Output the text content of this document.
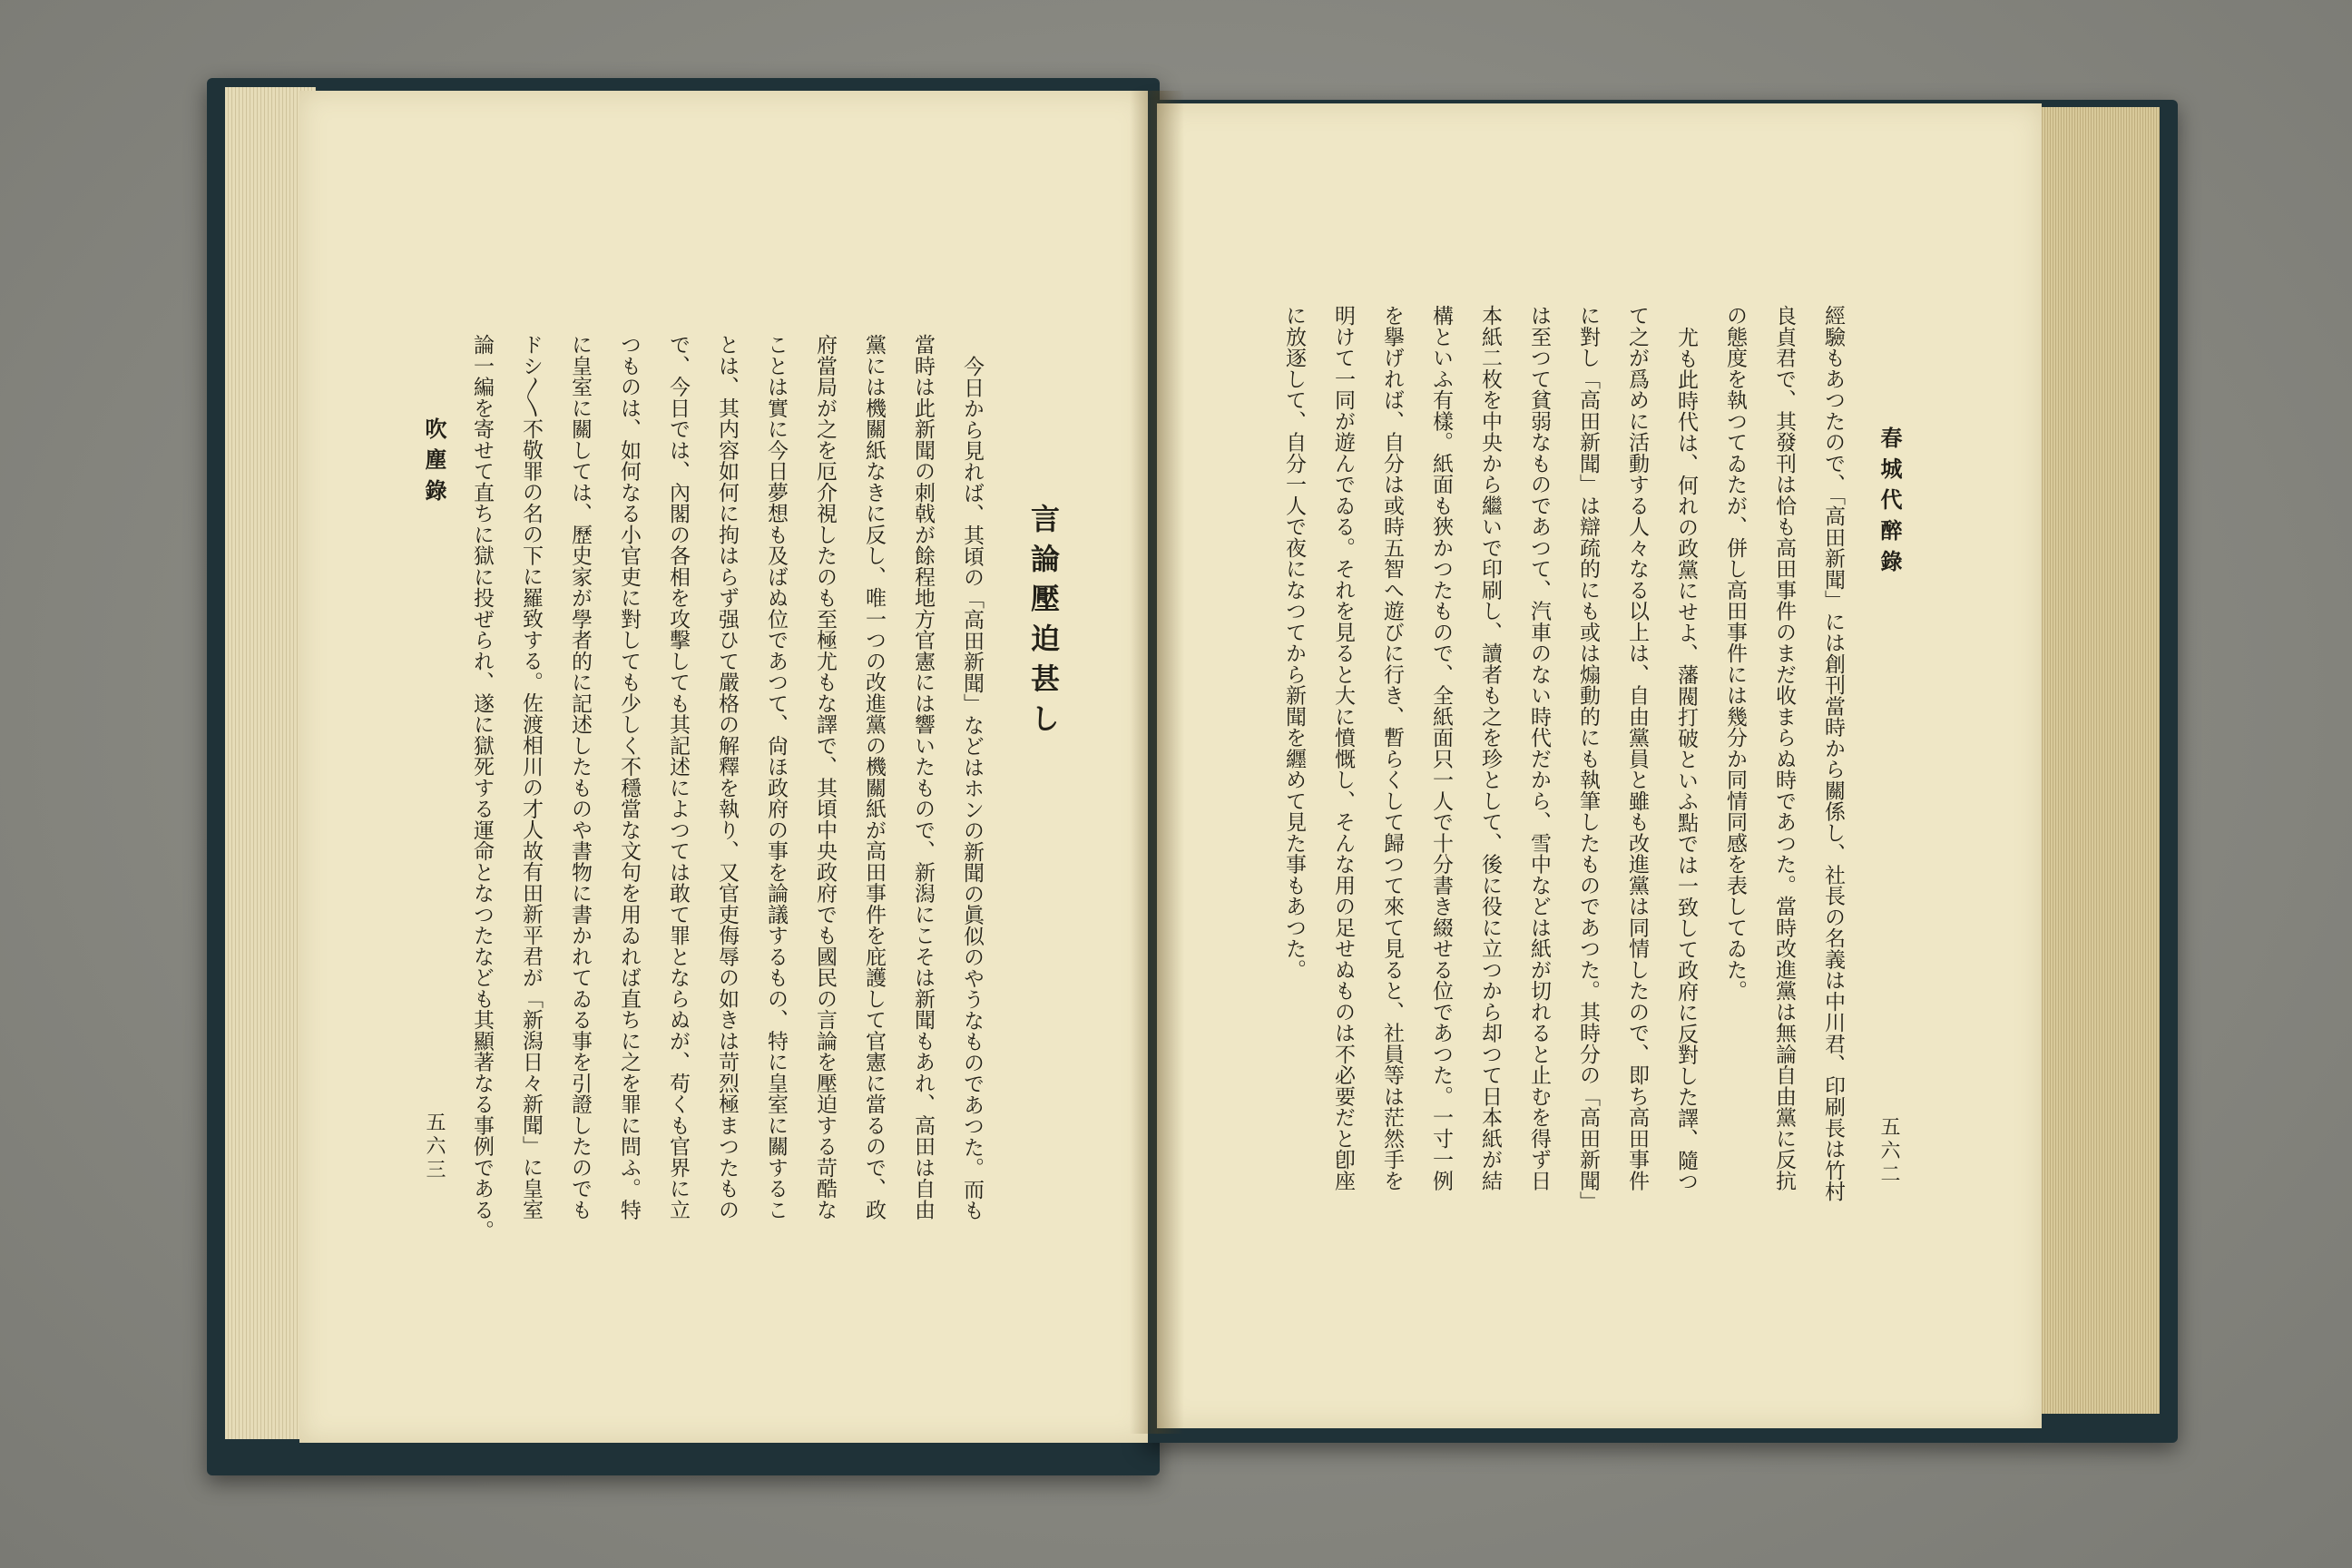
言論壓迫甚し
吹塵錄
五六三	今日から見れば、其頃の「高田新聞」などはホンの新聞の眞似のやうなものであつた。而も
當時は此新聞の刺戟が餘程地方官憲には響いたもので、新潟にこそは新聞もあれ、高田は自由
黨には機關紙なきに反し、唯一つの改進黨の機關紙が高田事件を庇護して官憲に當るので、政
府當局が之を厄介視したのも至極尤もな譯で、其頃中央政府でも國民の言論を壓迫する苛酷な
ことは實に今日夢想も及ばぬ位であつて、尙ほ政府の事を論議するもの、特に皇室に關するこ
とは、其内容如何に拘はらず强ひて嚴格の解釋を執り、又官吏侮辱の如きは苛烈極まつたもの
で、今日では、內閣の各相を攻擊しても其記述によつては敢て罪とならぬが、苟くも官界に立
つものは、如何なる小官吏に對しても少しく不穩當な文句を用ゐれば直ちに之を罪に問ふ。特
に皇室に關しては、歷史家が學者的に記述したものや書物に書かれてゐる事を引證したのでも
ドシ〳〵不敬罪の名の下に羅致する。佐渡相川の才人故有田新平君が「新潟日々新聞」に皇室
論一編を寄せて直ちに獄に投ぜられ、遂に獄死する運命となつたなども其顯著なる事例である。	春城代醉錄
五六二
經驗もあつたので、「高田新聞」には創刊當時から關係し、社長の名義は中川君、印刷長は竹村
良貞君で、其發刊は恰も高田事件のまだ收まらぬ時であつた。當時改進黨は無論自由黨に反抗
の態度を執つてゐたが、併し高田事件には幾分か同情同感を表してゐた。
尤も此時代は、何れの政黨にせよ、藩閥打破といふ點では一致して政府に反對した譯、隨つ
て之が爲めに活動する人々なる以上は、自由黨員と雖も改進黨は同情したので、即ち高田事件
に對し「高田新聞」は辯疏的にも或は煽動的にも執筆したものであつた。其時分の「高田新聞」
は至つて貧弱なものであつて、汽車のない時代だから、雪中などは紙が切れると止むを得ず日
本紙二枚を中央から繼いで印刷し、讀者も之を珍として、後に役に立つから却つて日本紙が結
構といふ有樣。紙面も狹かつたもので、全紙面只一人で十分書き綴せる位であつた。一寸一例
を擧げれば、自分は或時五智へ遊びに行き、暫らくして歸つて來て見ると、社員等は茫然手を
明けて一同が遊んでゐる。それを見ると大に憤慨し、そんな用の足せぬものは不必要だと卽座
に放逐して、自分一人で夜になつてから新聞を纒めて見た事もあつた。
